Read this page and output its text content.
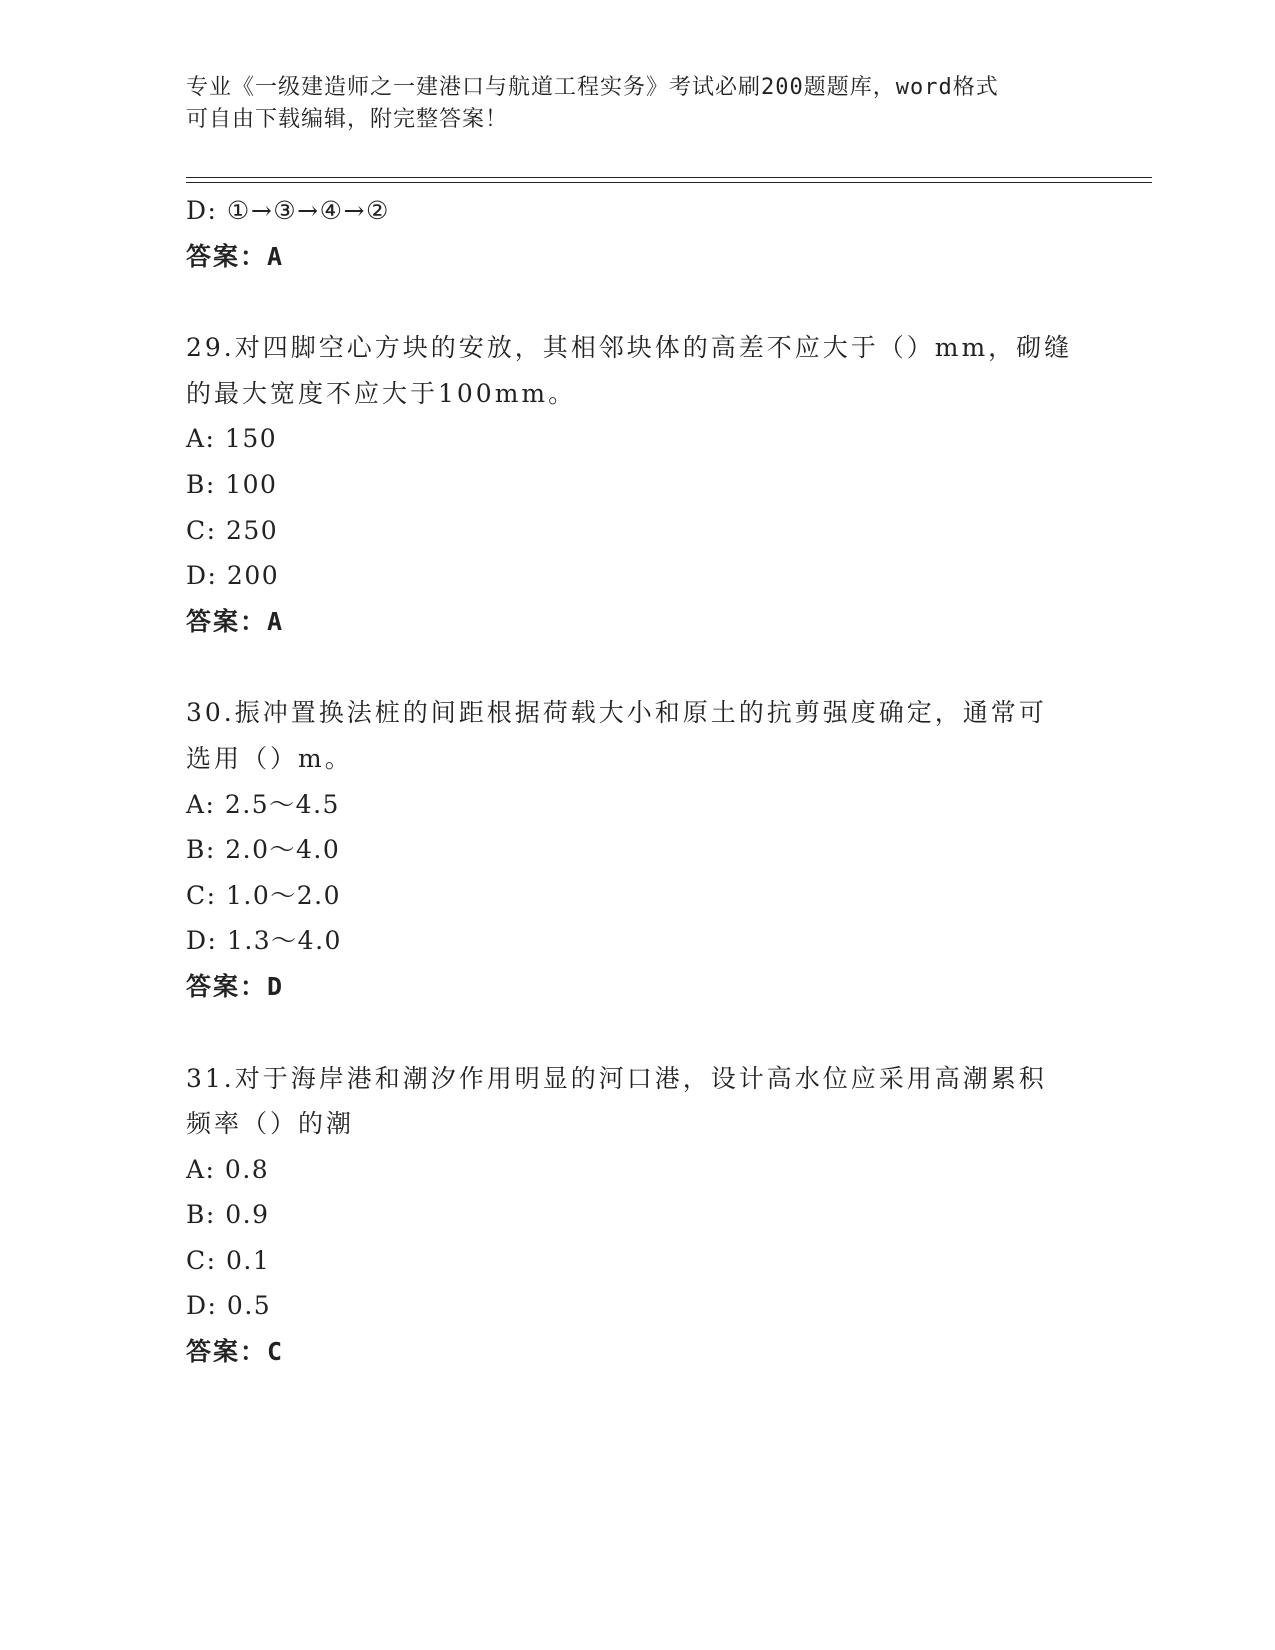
专业《一级建造师之一建港口与航道工程实务》考试必刷200题题库，word格式
可自由下载编辑，附完整答案！
D: ①→③→④→②
答案：A
29.对四脚空心方块的安放，其相邻块体的高差不应大于（）mm，砌缝
的最大宽度不应大于100mm。
A: 150
B: 100
C: 250
D: 200
答案：A
30.振冲置换法桩的间距根据荷载大小和原土的抗剪强度确定，通常可
选用（）m。
A: 2.5～4.5
B: 2.0～4.0
C: 1.0～2.0
D: 1.3～4.0
答案：D
31.对于海岸港和潮汐作用明显的河口港，设计高水位应采用高潮累积
频率（）的潮
A: 0.8
B: 0.9
C: 0.1
D: 0.5
答案：C
